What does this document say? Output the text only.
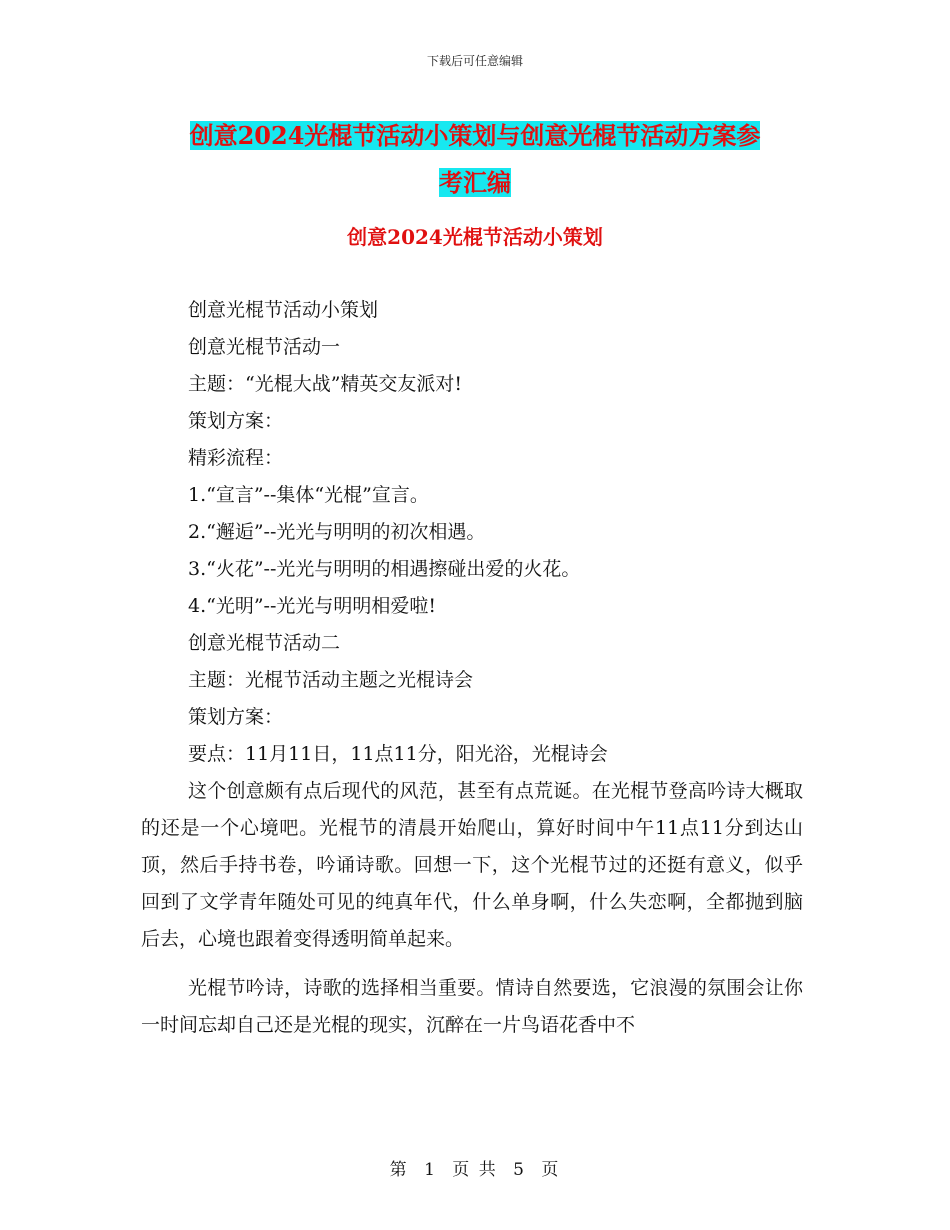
下载后可任意编辑
创意2024光棍节活动小策划与创意光棍节活动方案参
考汇编
创意2024光棍节活动小策划

创意光棍节活动小策划

创意光棍节活动一

主题：“光棍大战”精英交友派对!

策划方案：

精彩流程：

1.“宣言”--集体“光棍”宣言。

2.“邂逅”--光光与明明的初次相遇。

3.“火花”--光光与明明的相遇擦碰出爱的火花。

4.“光明”--光光与明明相爱啦!

创意光棍节活动二

主题：光棍节活动主题之光棍诗会

策划方案：

要点：11月11日，11点11分，阳光浴，光棍诗会

这个创意颇有点后现代的风范，甚至有点荒诞。在光棍节登高吟诗大概取的还是一个心境吧。光棍节的清晨开始爬山，算好时间中午11点11分到达山顶，然后手持书卷，吟诵诗歌。回想一下，这个光棍节过的还挺有意义，似乎回到了文学青年随处可见的纯真年代，什么单身啊，什么失恋啊，全都抛到脑后去，心境也跟着变得透明简单起来。

光棍节吟诗，诗歌的选择相当重要。情诗自然要选，它浪漫的氛围会让你一时间忘却自己还是光棍的现实，沉醉在一片鸟语花香中不

第 1 页 共 5 页
